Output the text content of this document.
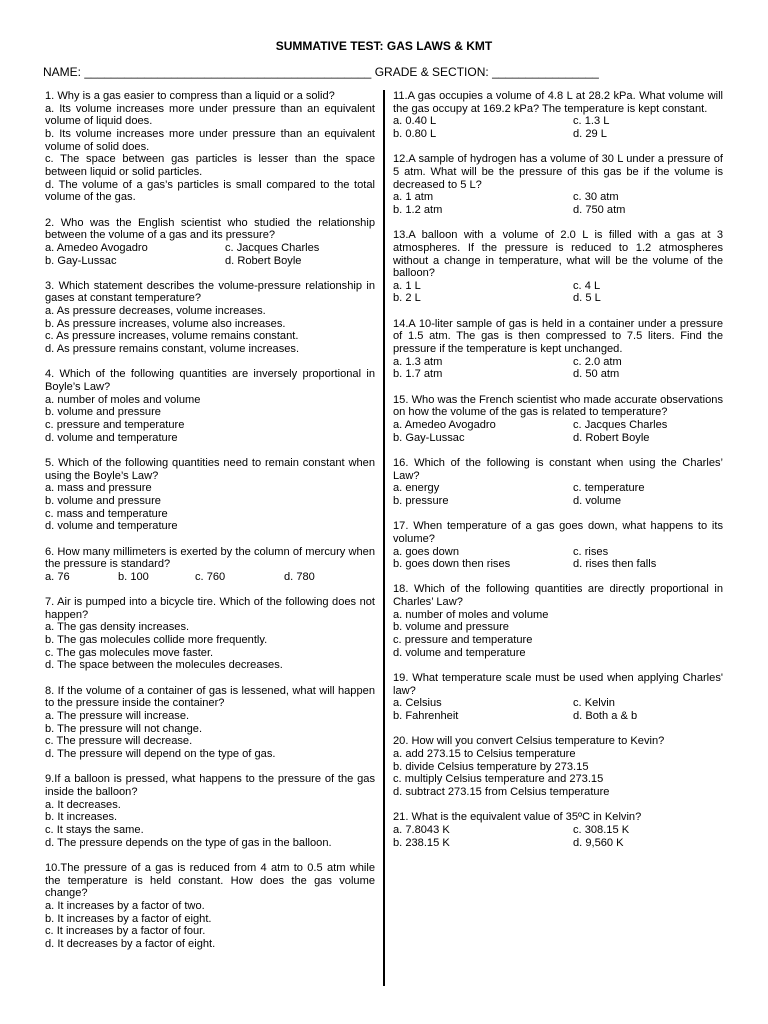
SUMMATIVE TEST: GAS LAWS & KMT
NAME: ___________________________________________ GRADE & SECTION: ________________
1. Why is a gas easier to compress than a liquid or a solid?
a. Its volume increases more under pressure than an equivalent volume of liquid does.
b. Its volume increases more under pressure than an equivalent volume of solid does.
c. The space between gas particles is lesser than the space between liquid or solid particles.
d. The volume of a gas’s particles is small compared to the total volume of the gas.
2. Who was the English scientist who studied the relationship between the volume of a gas and its pressure?
a. Amedeo Avogadro	c. Jacques Charles
b. Gay-Lussac	d. Robert Boyle
3. Which statement describes the volume-pressure relationship in gases at constant temperature?
a. As pressure decreases, volume increases.
b. As pressure increases, volume also increases.
c. As pressure increases, volume remains constant.
d. As pressure remains constant, volume increases.
4. Which of the following quantities are inversely proportional in Boyle’s Law?
a. number of moles and volume
b. volume and pressure
c. pressure and temperature
d. volume and temperature
5. Which of the following quantities need to remain constant when using the Boyle’s Law?
a. mass and pressure
b. volume and pressure
c. mass and temperature
d. volume and temperature
6. How many millimeters is exerted by the column of mercury when the pressure is standard?
a. 76	b. 100	c. 760	d. 780
7. Air is pumped into a bicycle tire. Which of the following does not happen?
a. The gas density increases.
b. The gas molecules collide more frequently.
c. The gas molecules move faster.
d. The space between the molecules decreases.
8. If the volume of a container of gas is lessened, what will happen to the pressure inside the container?
a. The pressure will increase.
b. The pressure will not change.
c. The pressure will decrease.
d. The pressure will depend on the type of gas.
9.If a balloon is pressed, what happens to the pressure of the gas inside the balloon?
a. It decreases.
b. It increases.
c. It stays the same.
d. The pressure depends on the type of gas in the balloon.
10.The pressure of a gas is reduced from 4 atm to 0.5 atm while the temperature is held constant. How does the gas volume change?
a. It increases by a factor of two.
b. It increases by a factor of eight.
c. It increases by a factor of four.
d. It decreases by a factor of eight.
11.A gas occupies a volume of 4.8 L at 28.2 kPa. What volume will the gas occupy at 169.2 kPa? The temperature is kept constant.
a. 0.40 L	c. 1.3 L
b. 0.80 L	d. 29 L
12.A sample of hydrogen has a volume of 30 L under a pressure of 5 atm. What will be the pressure of this gas be if the volume is decreased to 5 L?
a. 1 atm	c. 30 atm
b. 1.2 atm	d. 750 atm
13.A balloon with a volume of 2.0 L is filled with a gas at 3 atmospheres. If the pressure is reduced to 1.2 atmospheres without a change in temperature, what will be the volume of the balloon?
a. 1 L	c. 4 L
b. 2 L	d. 5 L
14.A 10-liter sample of gas is held in a container under a pressure of 1.5 atm. The gas is then compressed to 7.5 liters. Find the pressure if the temperature is kept unchanged.
a. 1.3 atm	c. 2.0 atm
b. 1.7 atm	d. 50 atm
15. Who was the French scientist who made accurate observations on how the volume of the gas is related to temperature?
a. Amedeo Avogadro	c. Jacques Charles
b. Gay-Lussac	d. Robert Boyle
16. Which of the following is constant when using the Charles’ Law?
a. energy	c. temperature
b. pressure	d. volume
17. When temperature of a gas goes down, what happens to its volume?
a. goes down	c. rises
b. goes down then rises	d. rises then falls
18. Which of the following quantities are directly proportional in Charles’ Law?
a. number of moles and volume
b. volume and pressure
c. pressure and temperature
d. volume and temperature
19. What temperature scale must be used when applying Charles' law?
a. Celsius	c. Kelvin
b. Fahrenheit	d. Both a & b
20. How will you convert Celsius temperature to Kevin?
a. add 273.15 to Celsius temperature
b. divide Celsius temperature by 273.15
c. multiply Celsius temperature and 273.15
d. subtract 273.15 from Celsius temperature
21. What is the equivalent value of 35ºC in Kelvin?
a. 7.8043 K	c. 308.15 K
b. 238.15 K	d. 9,560 K
